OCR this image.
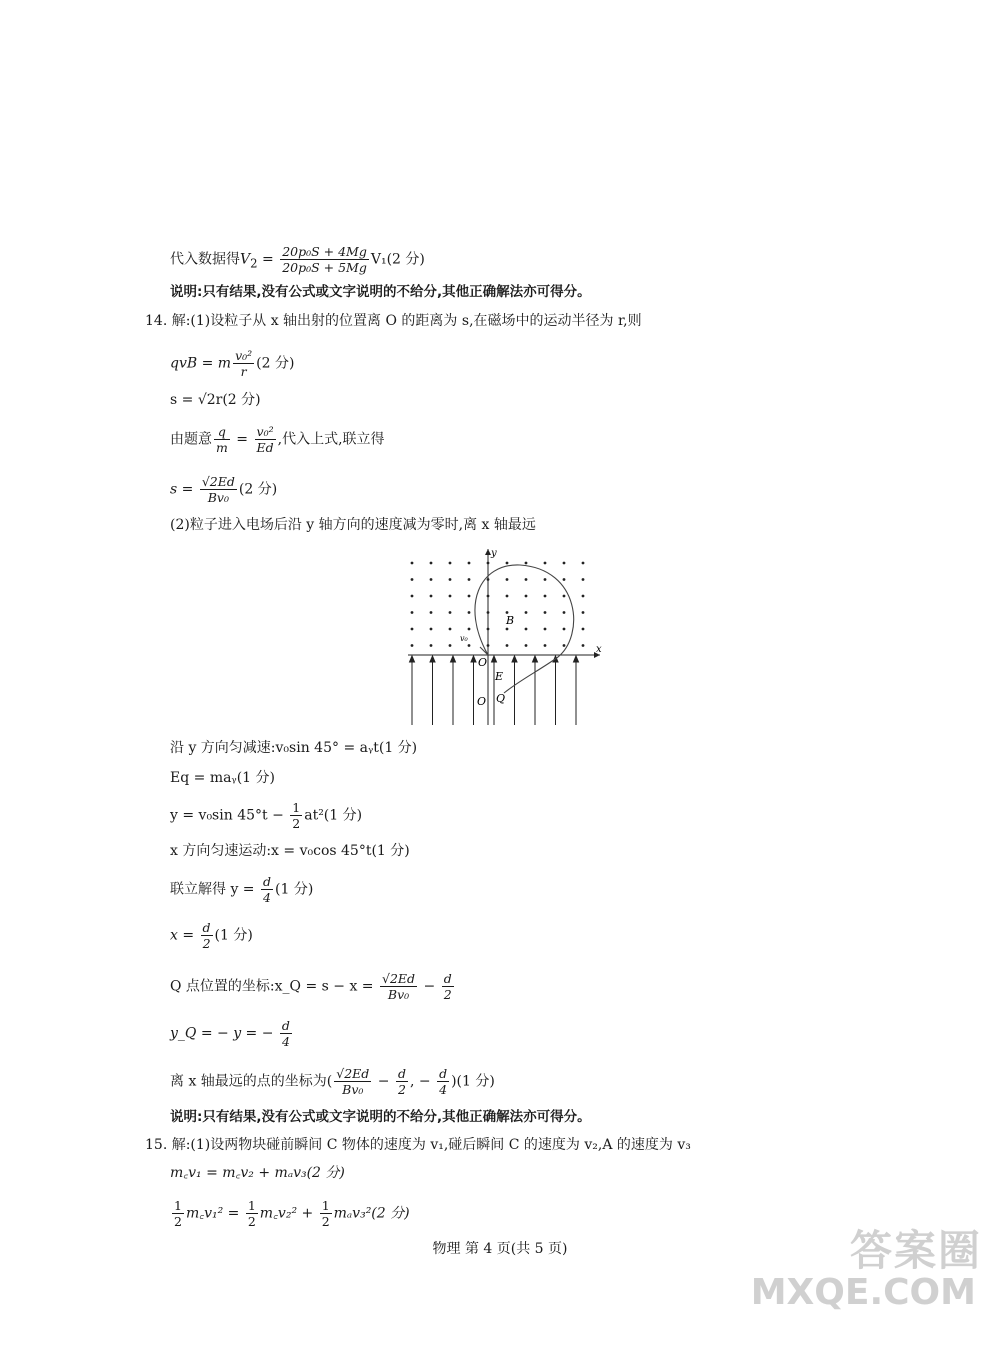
代入数据得$V_2 = \frac{\text{20p₀S + 4Mg}}{\text{20p₀S + 5Mg}} V_1(2$ 分)
说明:只有结果,没有公式或文字说明的不给分,其他正确解法亦可得分。
14. 解:(1)设粒子从 x 轴出射的位置离 O 的距离为 s,在磁场中的运动半径为 r,则
qvB = m $\frac{\text{v₀²}}{r} (2$ 分)
s = √2r(2 分)
由题意 $\frac{q}{m} = \frac{\text{v₀²}}{Ed}$ ,代入上式,联立得
$s = \frac{√2Ed}{\text{Bv₀}} (2$ 分)
(2)粒子进入电场后沿 y 轴方向的速度减为零时,离 x 轴最远
y
x
O
O
B
E
Q
v₀
沿 y 方向匀减速:v₀sin 45° = aᵧt(1 分)
Eq = maᵧ(1 分)
y = v₀sin $45^\circ t - \frac{1}{2} at^2(1$ 分)
x 方向匀速运动:x = v₀cos 45°t(1 分)
联立解得 $y = \frac{d}{4} (1$ 分)
$x = \frac{d}{2} (1$ 分)
Q 点位置的坐标:x_Q = $s - x = \frac{√2Ed}{\text{Bv₀}} - \frac{d}{2}$
y_Q = − y = − $\frac{d}{4}$
离 x 轴最远的点的坐标为( $\frac{√2Ed}{\text{Bv₀}} - \frac{d}{2}$ , − $\frac{d}{4} )(1$ 分)
说明:只有结果,没有公式或文字说明的不给分,其他正确解法亦可得分。
15. 解:(1)设两物块碰前瞬间 C 物体的速度为 v₁,碰后瞬间 C 的速度为 v₂,A 的速度为 v₃
m꜀v₁ = m꜀v₂ + mₐv₃(2 分)
$\frac{1}{2}$ m꜀v₁² = $\frac{1}{2}$ m꜀v₂² + $\frac{1}{2} m_av_3^2(2$ 分)
物理 第 4 页(共 5 页)	答案圈
MXQE.COM
